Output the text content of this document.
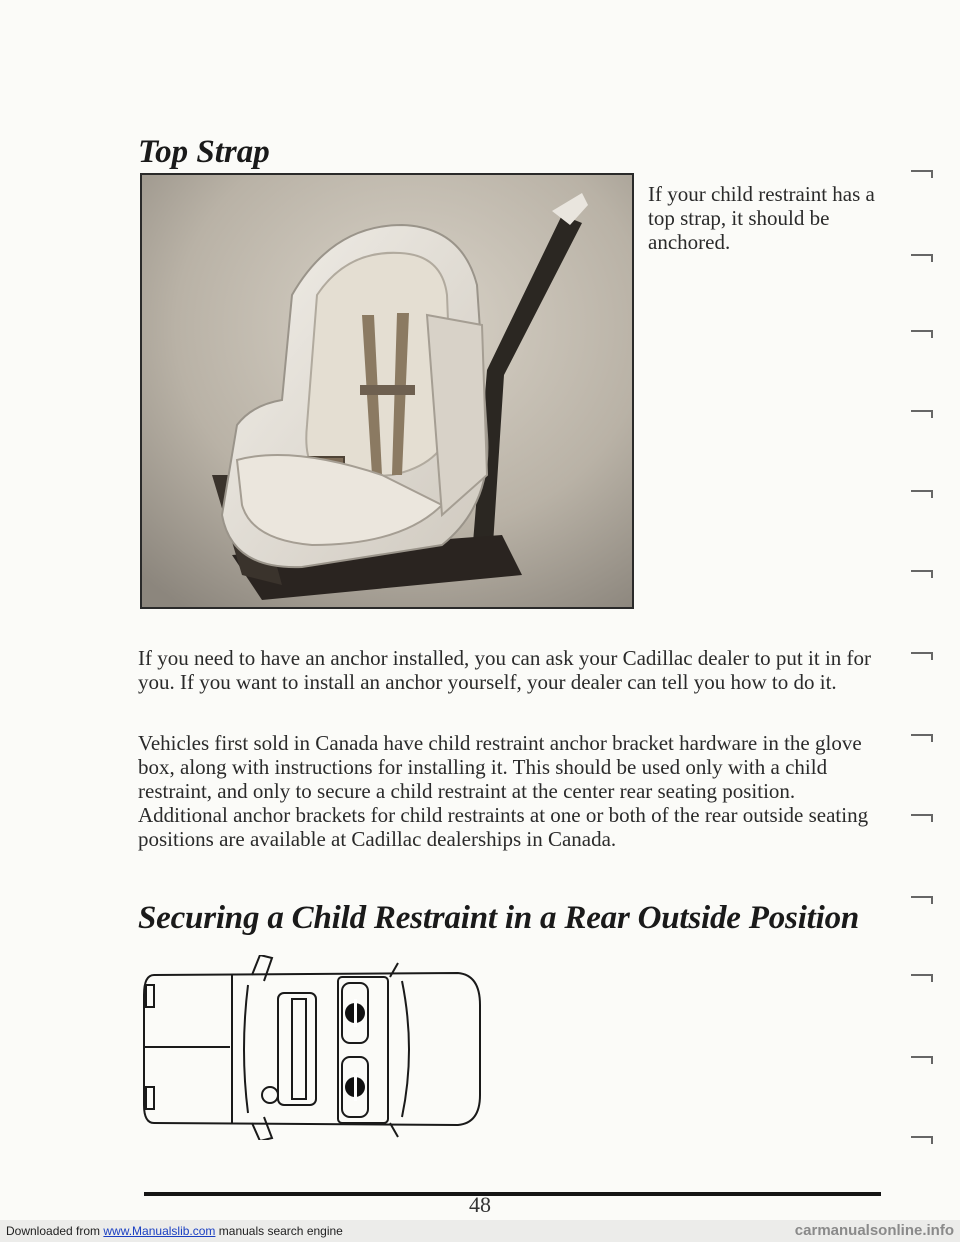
Top Strap

If your child restraint has a top strap, it should be anchored.

If you need to have an anchor installed, you can ask your Cadillac dealer to put it in for you. If you want to install an anchor yourself, your dealer can tell you how to do it.

Vehicles first sold in Canada have child restraint anchor bracket hardware in the glove box, along with instructions for installing it. This should be used only with a child restraint, and only to secure a child restraint at the center rear seating position. Additional anchor brackets for child restraints at one or both of the rear outside seating positions are available at Cadillac dealerships in Canada.

Securing a Child Restraint in a Rear Outside Position
48
Downloaded from www.Manualslib.com manuals search engine	carmanualsonline.info
